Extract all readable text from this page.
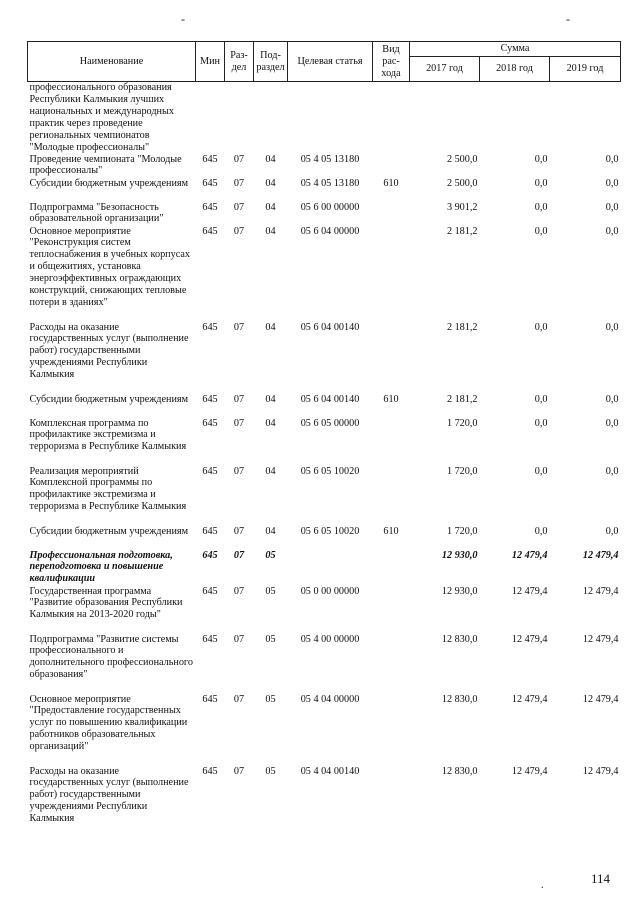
-	-
Наименование	Мин	Раз-дел	Под-раздел	Целевая статья	Вид рас-хода	Сумма		
						2017 год	2018 год	2019 год
профессионального образования Республики Калмыкия лучших национальных и международных практик через проведение региональных чемпионатов "Молодые профессионалы"								
Проведение чемпионата "Молодые профессионалы"	645	07	04	05 4 05 13180		2 500,0	0,0	0,0
Субсидии бюджетным учреждениям	645	07	04	05 4 05 13180	610	2 500,0	0,0	0,0
Подпрограмма "Безопасность образовательной организации"	645	07	04	05 6 00 00000		3 901,2	0,0	0,0
Основное мероприятие "Реконструкция систем теплоснабжения в учебных корпусах и общежитиях, установка энергоэффективных ограждающих конструкций, снижающих тепловые потери в зданиях"	645	07	04	05 6 04 00000		2 181,2	0,0	0,0
Расходы на оказание государственных услуг (выполнение работ) государственными учреждениями Республики Калмыкия	645	07	04	05 6 04 00140		2 181,2	0,0	0,0
Субсидии бюджетным учреждениям	645	07	04	05 6 04 00140	610	2 181,2	0,0	0,0
Комплексная программа по профилактике экстремизма и терроризма в Республике Калмыкия	645	07	04	05 6 05 00000		1 720,0	0,0	0,0
Реализация мероприятий Комплексной программы по профилактике экстремизма и терроризма в Республике Калмыкия	645	07	04	05 6 05 10020		1 720,0	0,0	0,0
Субсидии бюджетным учреждениям	645	07	04	05 6 05 10020	610	1 720,0	0,0	0,0
Профессиональная подготовка, переподготовка и повышение квалификации	645	07	05			12 930,0	12 479,4	12 479,4
Государственная программа "Развитие образования Республики Калмыкия на 2013-2020 годы"	645	07	05	05 0 00 00000		12 930,0	12 479,4	12 479,4
Подпрограмма "Развитие системы профессионального и дополнительного профессионального образования"	645	07	05	05 4 00 00000		12 830,0	12 479,4	12 479,4
Основное мероприятие "Предоставление государственных услуг по повышению квалификации работников образовательных организаций"	645	07	05	05 4 04 00000		12 830,0	12 479,4	12 479,4
Расходы на оказание государственных услуг (выполнение работ) государственными учреждениями Республики Калмыкия	645	07	05	05 4 04 00140		12 830,0	12 479,4	12 479,4
.	114
